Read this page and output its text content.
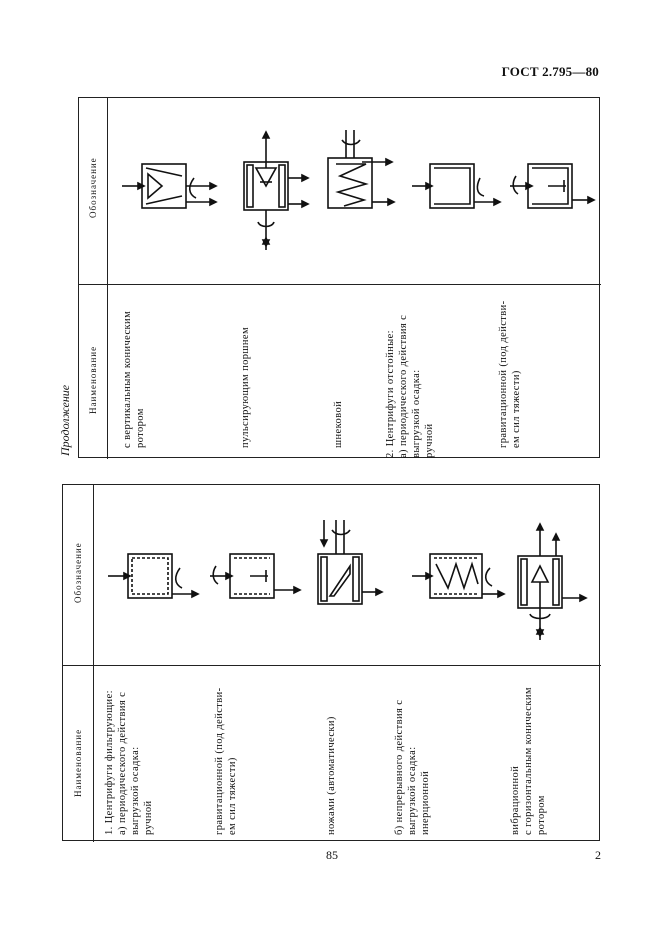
ГОСТ 2.795—80
Продолжение
Обозначение
Наименование с вертикальным коническим ротором	пульсирующим поршнем	шнековой	2. Центрифуги отстойные: а) периодического действия с выгрузкой осадка: ручной	гравитационной (под действи- ем сил тяжести)
Обозначение
Наименование 1. Центрифуги фильтрующие: а) периодического действия с выгрузкой осадка: ручной	гравитационной (под действи- ем сил тяжести)	ножами (автоматически)	б) непрерывного действия с выгрузкой осадка: инерционной	вибрационной с горизонтальным коническим ротором
85	2
